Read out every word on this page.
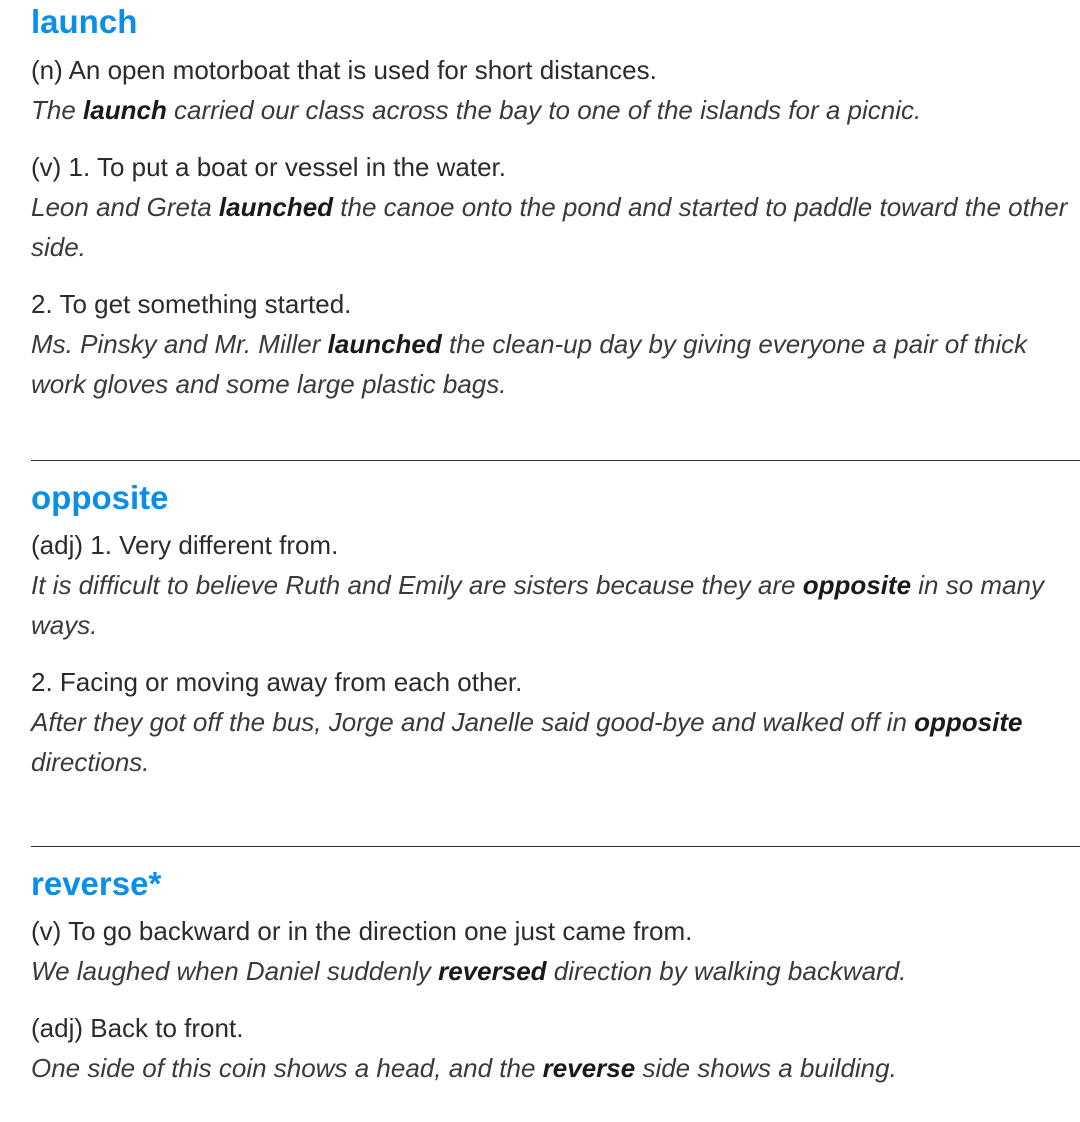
launch

(n) An open motorboat that is used for short distances.

The launch carried our class across the bay to one of the islands for a picnic.

(v) 1. To put a boat or vessel in the water.

Leon and Greta launched the canoe onto the pond and started to paddle toward the other side.

2. To get something started.

Ms. Pinsky and Mr. Miller launched the clean-up day by giving everyone a pair of thick work gloves and some large plastic bags.

opposite

(adj) 1. Very different from.

It is difficult to believe Ruth and Emily are sisters because they are opposite in so many ways.

2. Facing or moving away from each other.

After they got off the bus, Jorge and Janelle said good-bye and walked off in opposite directions.

reverse*

(v) To go backward or in the direction one just came from.

We laughed when Daniel suddenly reversed direction by walking backward.

(adj) Back to front.

One side of this coin shows a head, and the reverse side shows a building.
